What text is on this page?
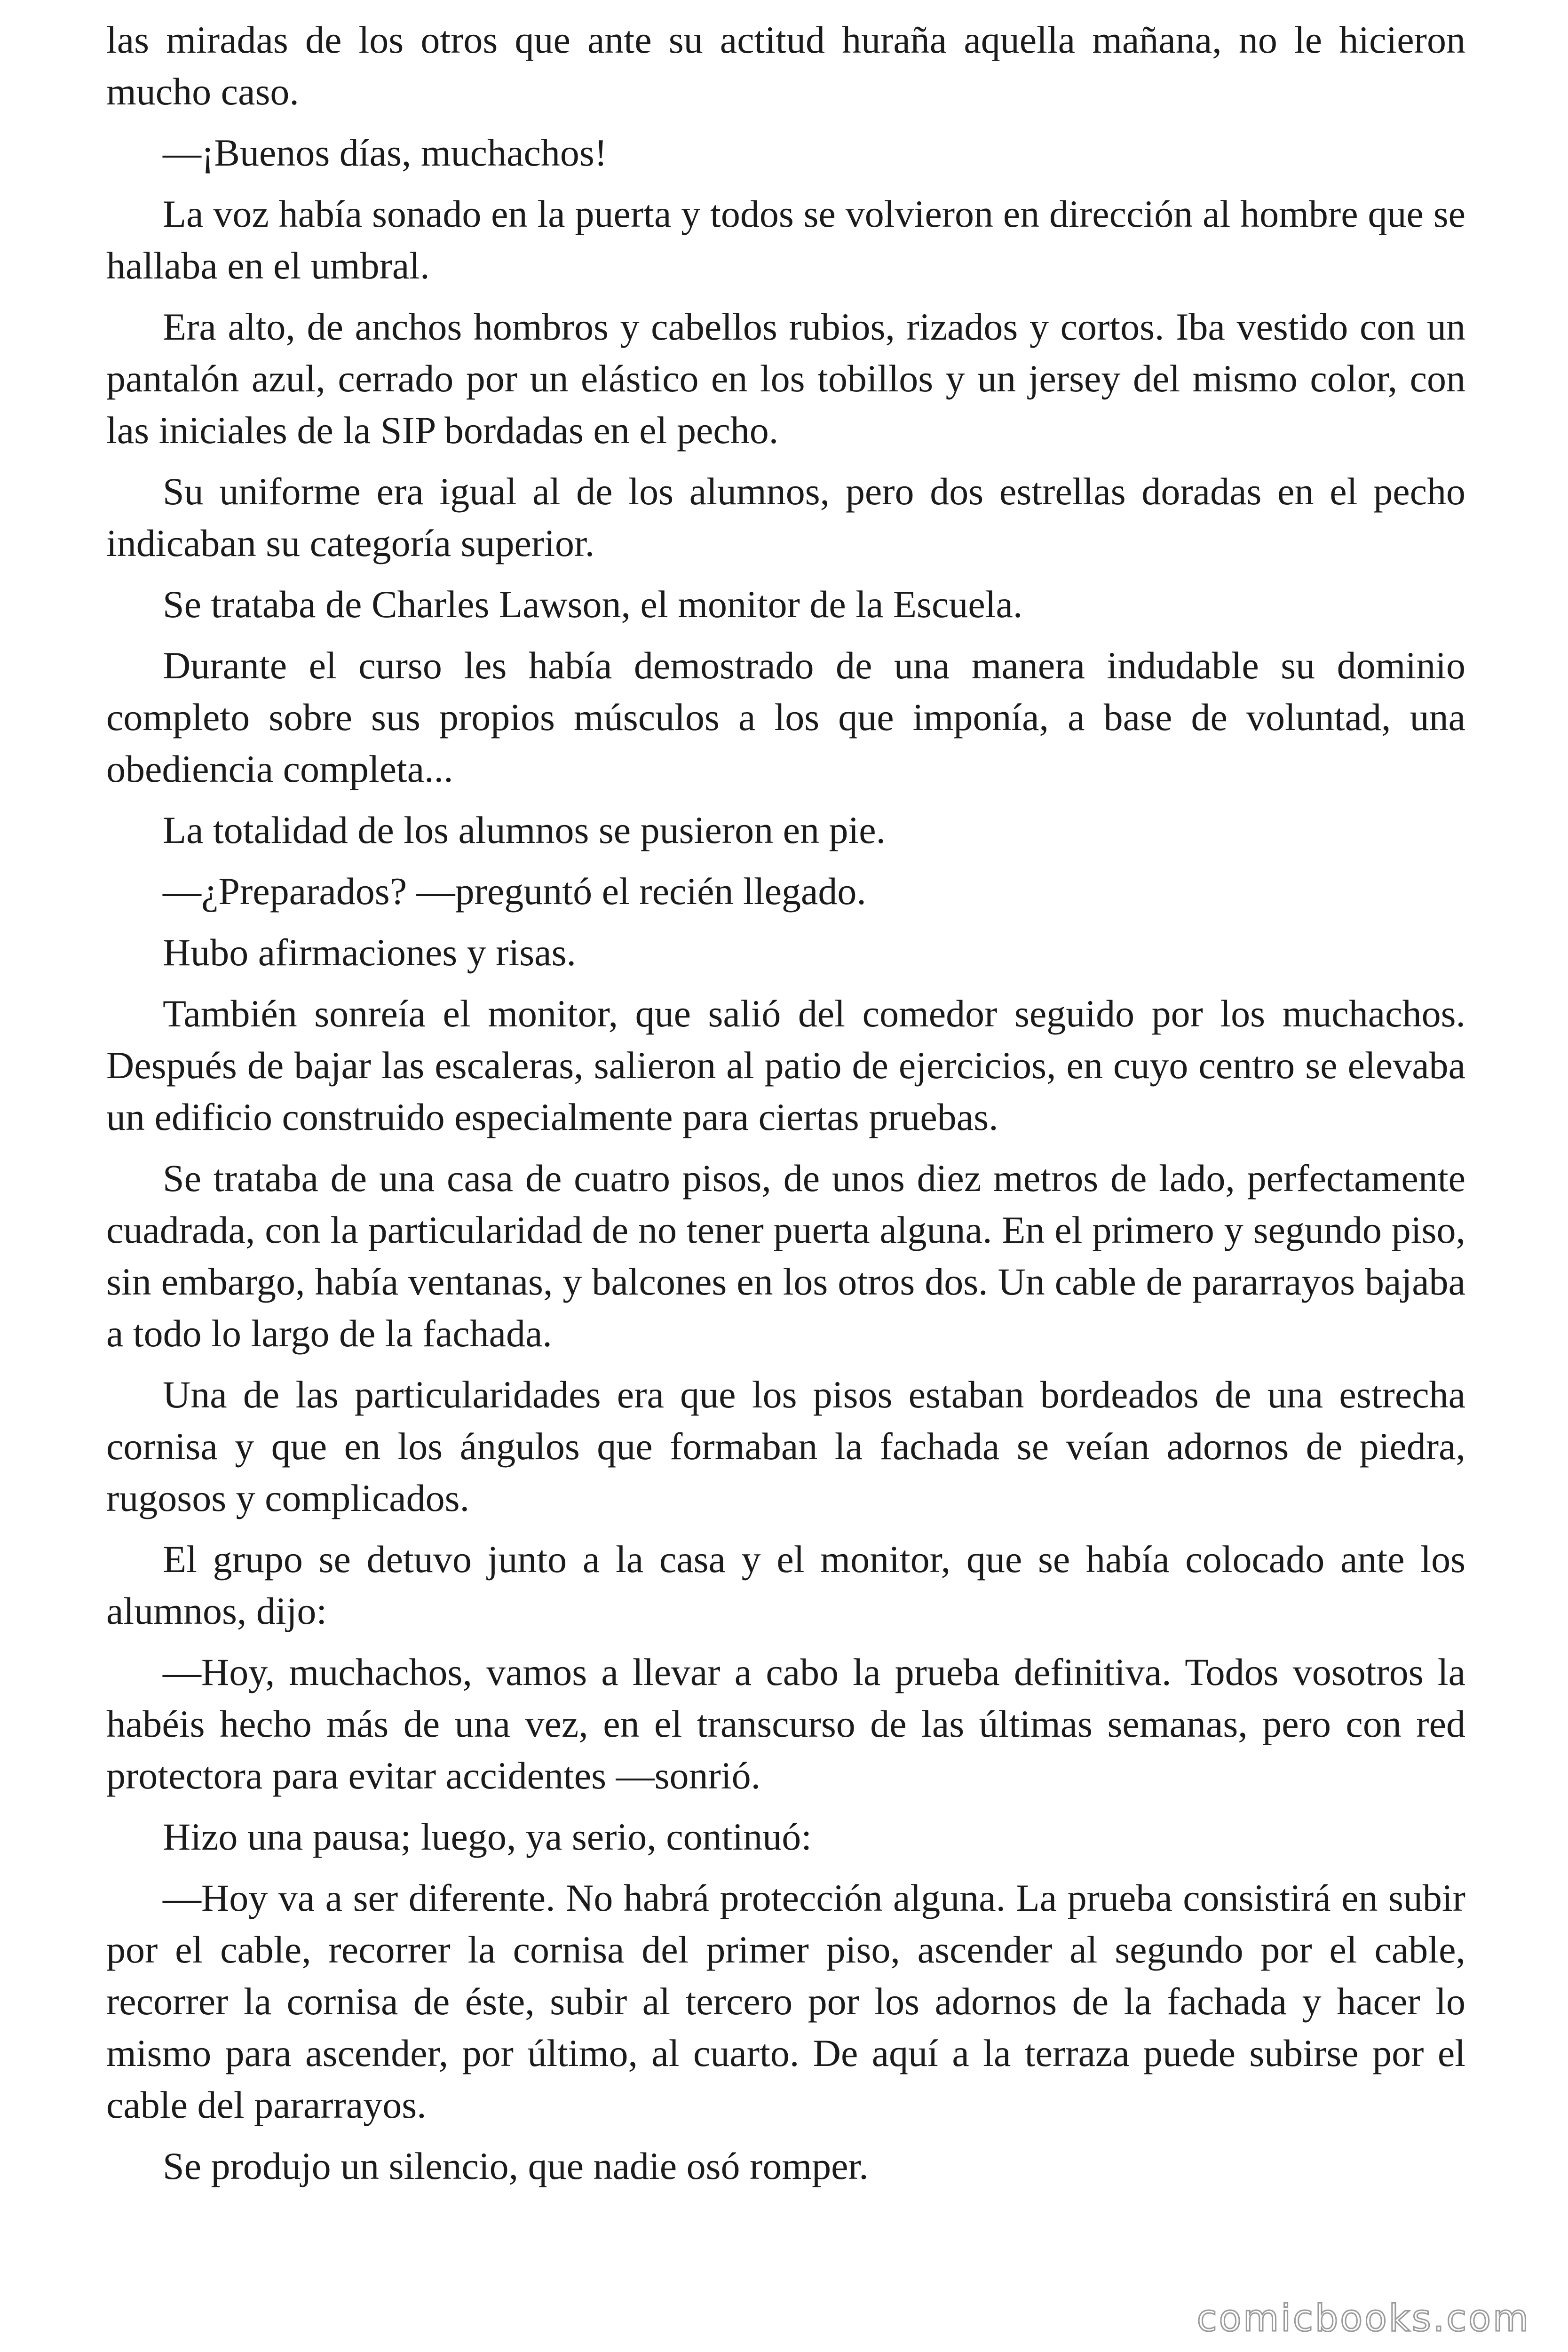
las miradas de los otros que ante su actitud huraña aquella mañana, no le hicieron mucho caso.

—¡Buenos días, muchachos!

La voz había sonado en la puerta y todos se volvieron en dirección al hombre que se hallaba en el umbral.

Era alto, de anchos hombros y cabellos rubios, rizados y cortos. Iba vestido con un pantalón azul, cerrado por un elástico en los tobillos y un jersey del mismo color, con las iniciales de la SIP bordadas en el pecho.

Su uniforme era igual al de los alumnos, pero dos estrellas doradas en el pecho indicaban su categoría superior.

Se trataba de Charles Lawson, el monitor de la Escuela.

Durante el curso les había demostrado de una manera indudable su dominio completo sobre sus propios músculos a los que imponía, a base de voluntad, una obediencia completa...

La totalidad de los alumnos se pusieron en pie.

—¿Preparados? —preguntó el recién llegado.

Hubo afirmaciones y risas.

También sonreía el monitor, que salió del comedor seguido por los muchachos. Después de bajar las escaleras, salieron al patio de ejercicios, en cuyo centro se elevaba un edificio construido especialmente para ciertas pruebas.

Se trataba de una casa de cuatro pisos, de unos diez metros de lado, perfectamente cuadrada, con la particularidad de no tener puerta alguna. En el primero y segundo piso, sin embargo, había ventanas, y balcones en los otros dos. Un cable de pararrayos bajaba a todo lo largo de la fachada.

Una de las particularidades era que los pisos estaban bordeados de una estrecha cornisa y que en los ángulos que formaban la fachada se veían adornos de piedra, rugosos y complicados.

El grupo se detuvo junto a la casa y el monitor, que se había colocado ante los alumnos, dijo:

—Hoy, muchachos, vamos a llevar a cabo la prueba definitiva. Todos vosotros la habéis hecho más de una vez, en el transcurso de las últimas semanas, pero con red protectora para evitar accidentes —sonrió.

Hizo una pausa; luego, ya serio, continuó:

—Hoy va a ser diferente. No habrá protección alguna. La prueba consistirá en subir por el cable, recorrer la cornisa del primer piso, ascender al segundo por el cable, recorrer la cornisa de éste, subir al tercero por los adornos de la fachada y hacer lo mismo para ascender, por último, al cuarto. De aquí a la terraza puede subirse por el cable del pararrayos.

Se produjo un silencio, que nadie osó romper.

comicbooks.com
